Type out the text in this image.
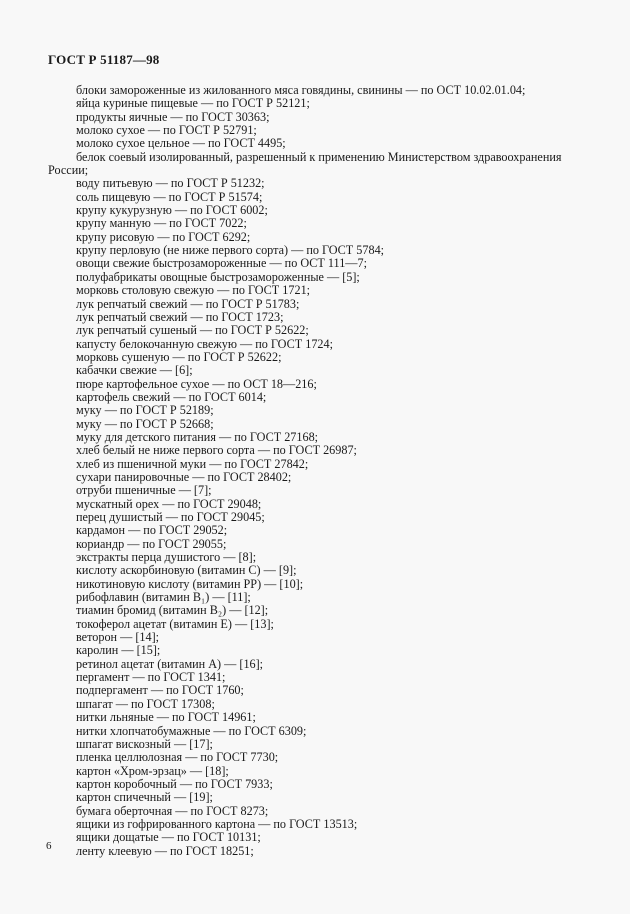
ГОСТ Р 51187—98
блоки замороженные из жилованного мяса говядины, свинины — по ОСТ 10.02.01.04;
яйца куриные пищевые — по ГОСТ Р 52121;
продукты яичные — по ГОСТ 30363;
молоко сухое — по ГОСТ Р 52791;
молоко сухое цельное — по ГОСТ 4495;
белок соевый изолированный, разрешенный к применению Министерством здравоохранения
России;
воду питьевую — по ГОСТ Р 51232;
соль пищевую — по ГОСТ Р 51574;
крупу кукурузную — по ГОСТ 6002;
крупу манную — по ГОСТ 7022;
крупу рисовую — по ГОСТ 6292;
крупу перловую (не ниже первого сорта) — по ГОСТ 5784;
овощи свежие быстрозамороженные — по ОСТ 111—7;
полуфабрикаты овощные быстрозамороженные — [5];
морковь столовую свежую — по ГОСТ 1721;
лук репчатый свежий — по ГОСТ Р 51783;
лук репчатый свежий — по ГОСТ 1723;
лук репчатый сушеный — по ГОСТ Р 52622;
капусту белокочанную свежую — по ГОСТ 1724;
морковь сушеную — по ГОСТ Р 52622;
кабачки свежие — [6];
пюре картофельное сухое — по ОСТ 18—216;
картофель свежий — по ГОСТ 6014;
муку — по ГОСТ Р 52189;
муку — по ГОСТ Р 52668;
муку для детского питания — по ГОСТ 27168;
хлеб белый не ниже первого сорта — по ГОСТ 26987;
хлеб из пшеничной муки — по ГОСТ 27842;
сухари панировочные — по ГОСТ 28402;
отруби пшеничные — [7];
мускатный орех — по ГОСТ 29048;
перец душистый — по ГОСТ 29045;
кардамон — по ГОСТ 29052;
кориандр — по ГОСТ 29055;
экстракты перца душистого — [8];
кислоту аскорбиновую (витамин С) — [9];
никотиновую кислоту (витамин РР) — [10];
рибофлавин (витамин В₁) — [11];
тиамин бромид (витамин В₂) — [12];
токоферол ацетат (витамин Е) — [13];
веторон — [14];
каролин — [15];
ретинол ацетат (витамин А) — [16];
пергамент — по ГОСТ 1341;
подпергамент — по ГОСТ 1760;
шпагат — по ГОСТ 17308;
нитки льняные — по ГОСТ 14961;
нитки хлопчатобумажные — по ГОСТ 6309;
шпагат вискозный — [17];
пленка целлюлозная — по ГОСТ 7730;
картон «Хром-эрзац» — [18];
картон коробочный — по ГОСТ 7933;
картон спичечный — [19];
бумага оберточная — по ГОСТ 8273;
ящики из гофрированного картона — по ГОСТ 13513;
ящики дощатые — по ГОСТ 10131;
ленту клеевую — по ГОСТ 18251;
6
